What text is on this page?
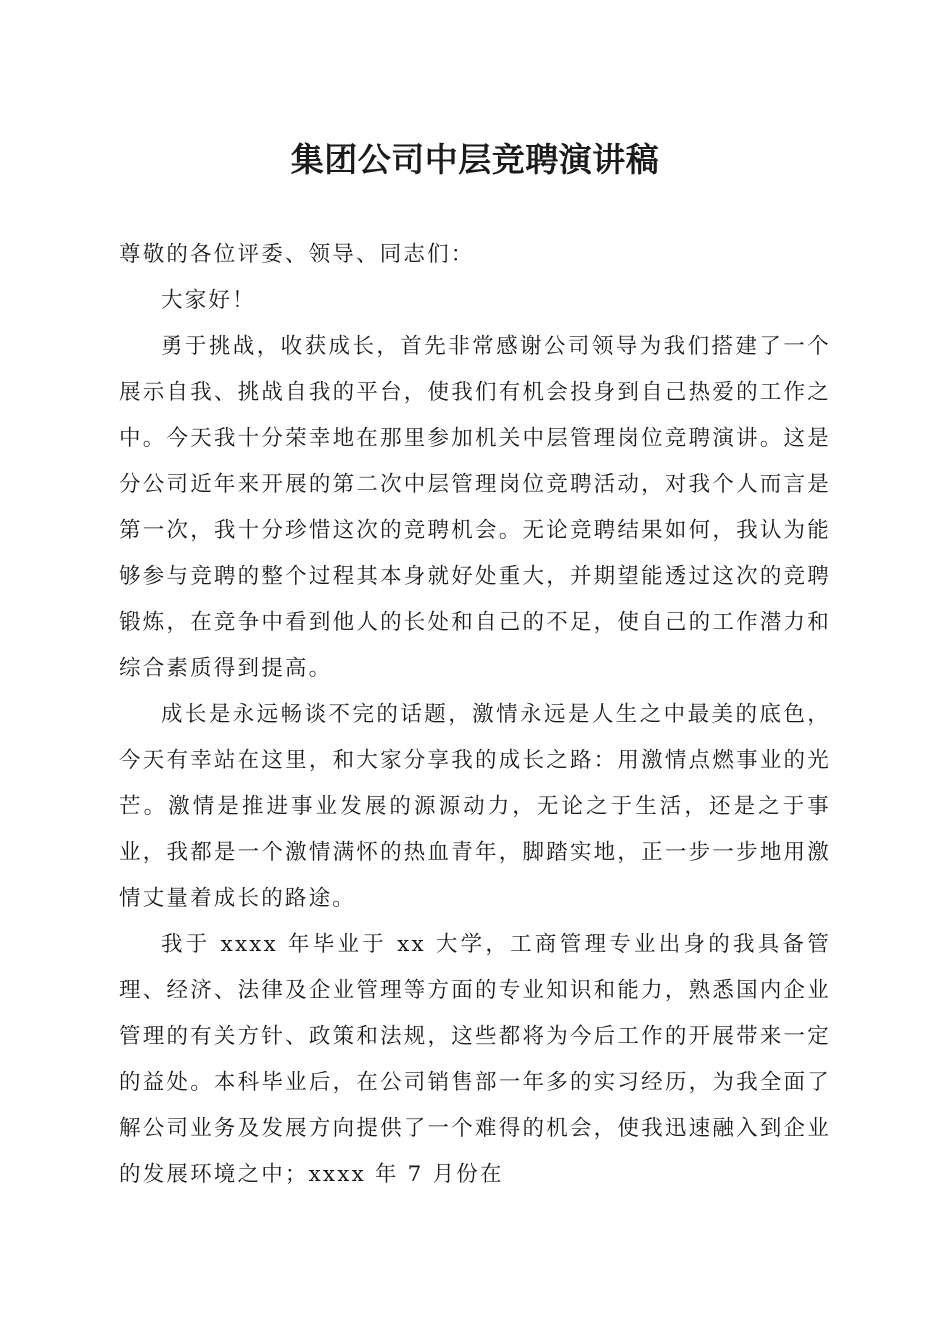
集团公司中层竞聘演讲稿

尊敬的各位评委、领导、同志们：

大家好！

勇于挑战，收获成长，首先非常感谢公司领导为我们搭建了一个展示自我、挑战自我的平台，使我们有机会投身到自己热爱的工作之中。今天我十分荣幸地在那里参加机关中层管理岗位竞聘演讲。这是分公司近年来开展的第二次中层管理岗位竞聘活动，对我个人而言是第一次，我十分珍惜这次的竞聘机会。无论竞聘结果如何，我认为能够参与竞聘的整个过程其本身就好处重大，并期望能透过这次的竞聘锻炼，在竞争中看到他人的长处和自己的不足，使自己的工作潜力和综合素质得到提高。

成长是永远畅谈不完的话题，激情永远是人生之中最美的底色，今天有幸站在这里，和大家分享我的成长之路：用激情点燃事业的光芒。激情是推进事业发展的源源动力，无论之于生活，还是之于事业，我都是一个激情满怀的热血青年，脚踏实地，正一步一步地用激情丈量着成长的路途。

我于 xxxx 年毕业于 xx 大学，工商管理专业出身的我具备管理、经济、法律及企业管理等方面的专业知识和能力，熟悉国内企业管理的有关方针、政策和法规，这些都将为今后工作的开展带来一定的益处。本科毕业后，在公司销售部一年多的实习经历，为我全面了解公司业务及发展方向提供了一个难得的机会，使我迅速融入到企业的发展环境之中；xxxx 年 7 月份在
